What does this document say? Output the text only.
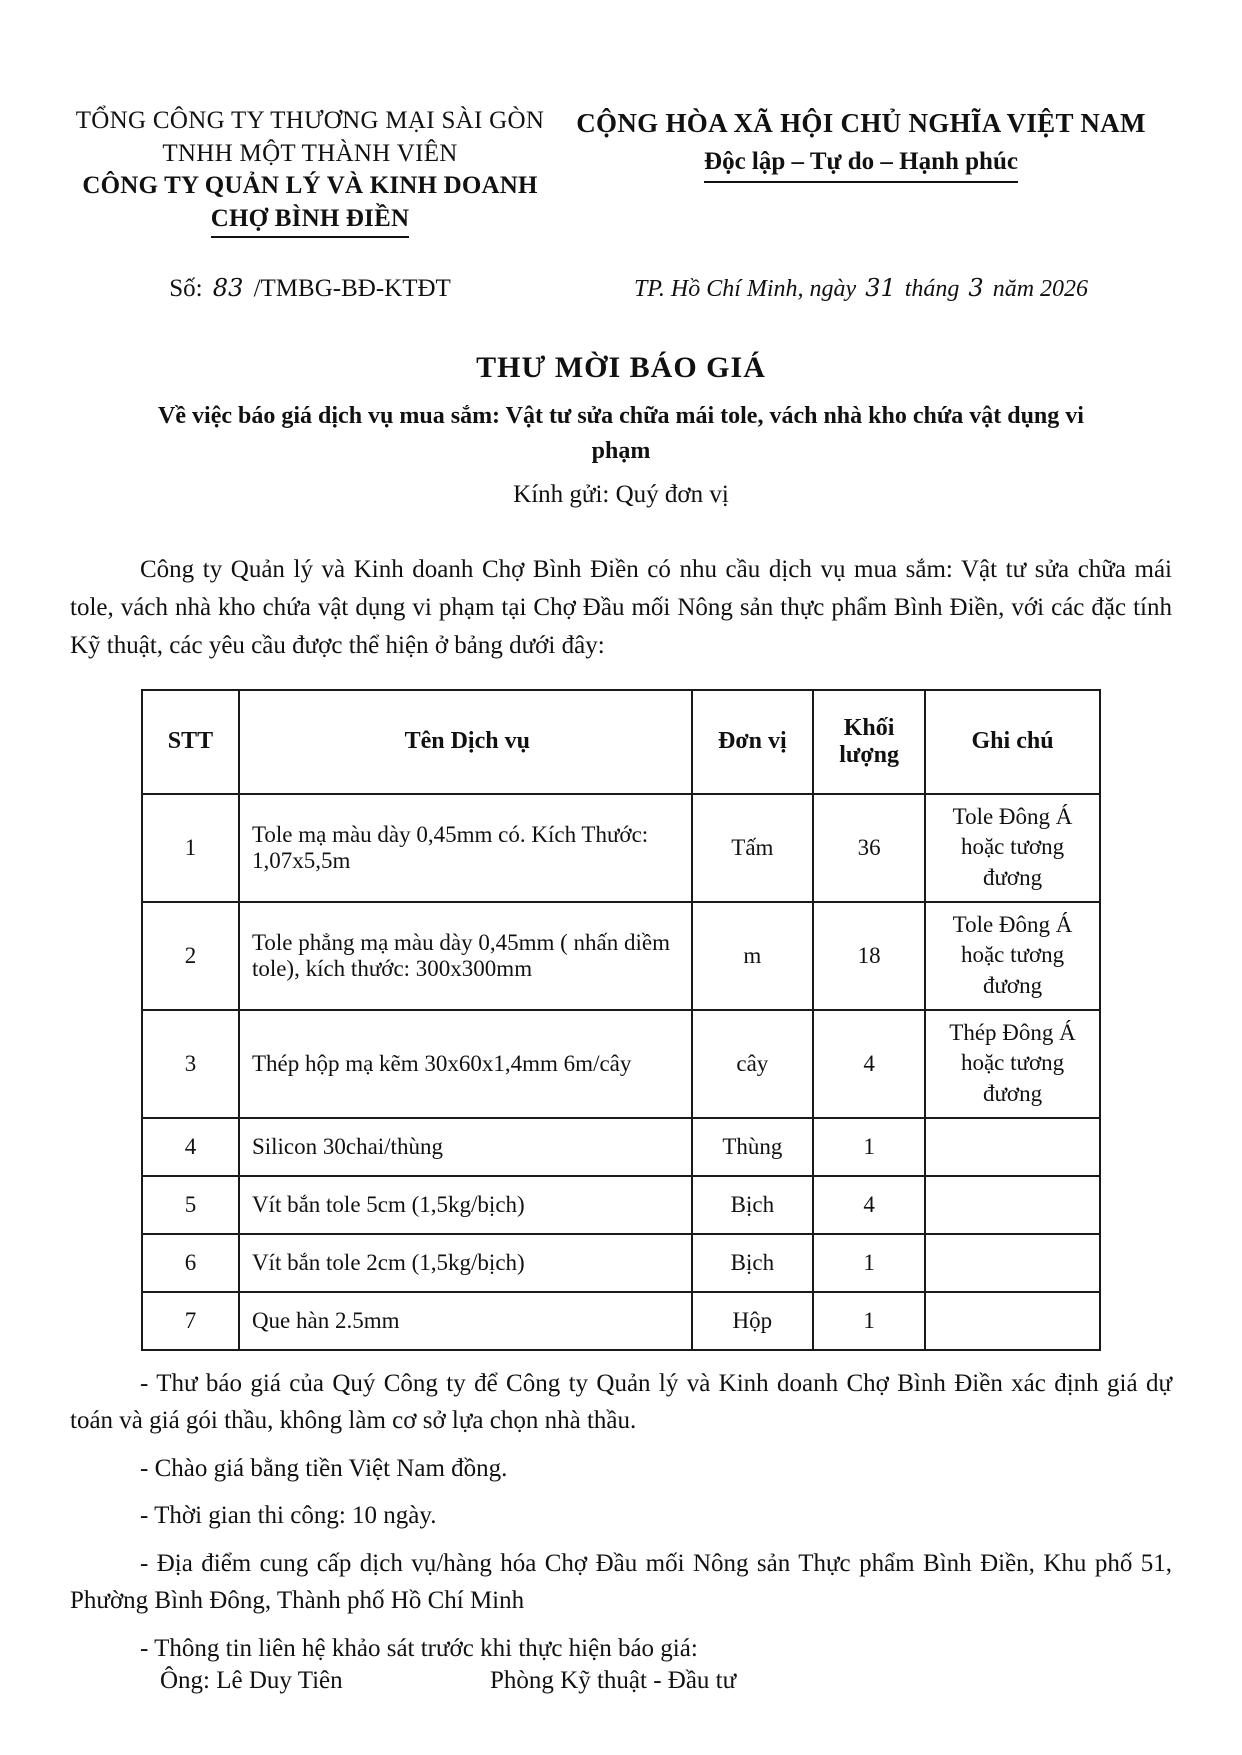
TỔNG CÔNG TY THƯƠNG MẠI SÀI GÒN
TNHH MỘT THÀNH VIÊN
CÔNG TY QUẢN LÝ VÀ KINH DOANH
CHỢ BÌNH ĐIỀN
CỘNG HÒA XÃ HỘI CHỦ NGHĨA VIỆT NAM
Độc lập – Tự do – Hạnh phúc
Số: 83 /TMBG-BĐ-KTĐT	TP. Hồ Chí Minh, ngày 31 tháng 3 năm 2026
THƯ MỜI BÁO GIÁ
Về việc báo giá dịch vụ mua sắm: Vật tư sửa chữa mái tole, vách nhà kho chứa vật dụng vi phạm
Kính gửi: Quý đơn vị
Công ty Quản lý và Kinh doanh Chợ Bình Điền có nhu cầu dịch vụ mua sắm: Vật tư sửa chữa mái tole, vách nhà kho chứa vật dụng vi phạm tại Chợ Đầu mối Nông sản thực phẩm Bình Điền, với các đặc tính Kỹ thuật, các yêu cầu được thể hiện ở bảng dưới đây:
STT	Tên Dịch vụ	Đơn vị	Khối lượng	Ghi chú
1	Tole mạ màu dày 0,45mm có. Kích Thước: 1,07x5,5m	Tấm	36	Tole Đông Á hoặc tương đương
2	Tole phẳng mạ màu dày 0,45mm ( nhấn diềm tole), kích thước: 300x300mm	m	18	Tole Đông Á hoặc tương đương
3	Thép hộp mạ kẽm 30x60x1,4mm 6m/cây	cây	4	Thép Đông Á hoặc tương đương
4	Silicon 30chai/thùng	Thùng	1	
5	Vít bắn tole 5cm (1,5kg/bịch)	Bịch	4	
6	Vít bắn tole 2cm (1,5kg/bịch)	Bịch	1	
7	Que hàn 2.5mm	Hộp	1	
- Thư báo giá của Quý Công ty để Công ty Quản lý và Kinh doanh Chợ Bình Điền xác định giá dự toán và giá gói thầu, không làm cơ sở lựa chọn nhà thầu.
- Chào giá bằng tiền Việt Nam đồng.
- Thời gian thi công: 10 ngày.
- Địa điểm cung cấp dịch vụ/hàng hóa Chợ Đầu mối Nông sản Thực phẩm Bình Điền, Khu phố 51, Phường Bình Đông, Thành phố Hồ Chí Minh
- Thông tin liên hệ khảo sát trước khi thực hiện báo giá:
Ông: Lê Duy Tiên	Phòng Kỹ thuật - Đầu tư
